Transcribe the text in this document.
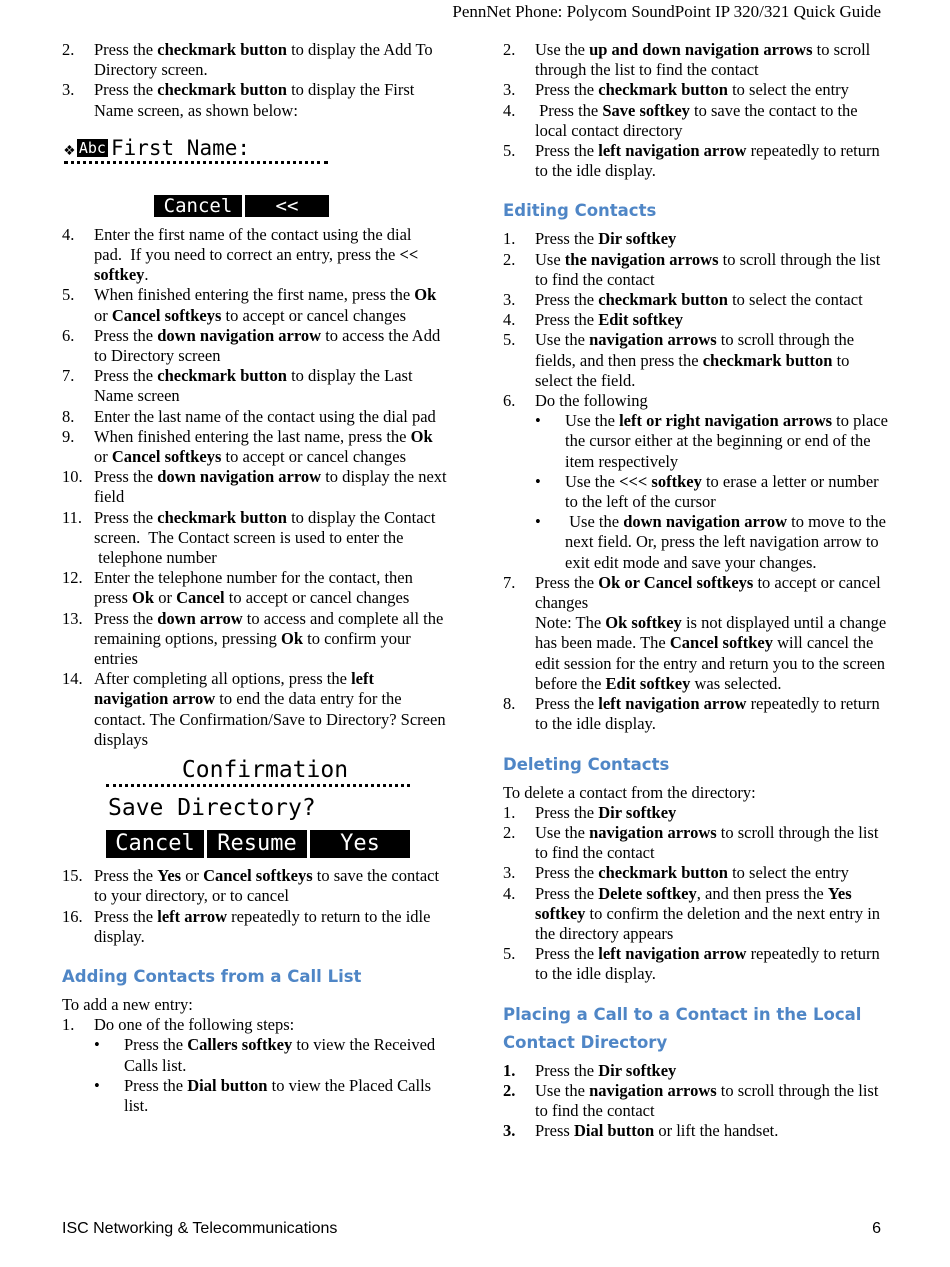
PennNet Phone: Polycom SoundPoint IP 320/321 Quick Guide
2. Press the checkmark button to display the Add To Directory screen.
3. Press the checkmark button to display the First Name screen, as shown below:
❖ Abc First Name:
Cancel <<
4. Enter the first name of the contact using the dial pad.  If you need to correct an entry, press the << softkey.
5. When finished entering the first name, press the Ok or Cancel softkeys to accept or cancel changes
6. Press the down navigation arrow to access the Add to Directory screen
7. Press the checkmark button to display the Last Name screen
8. Enter the last name of the contact using the dial pad
9. When finished entering the last name, press the Ok or Cancel softkeys to accept or cancel changes
10. Press the down navigation arrow to display the next field
11. Press the checkmark button to display the Contact screen.  The Contact screen is used to enter the  telephone number
12. Enter the telephone number for the contact, then press Ok or Cancel to accept or cancel changes
13. Press the down arrow to access and complete all the remaining options, pressing Ok to confirm your entries
14. After completing all options, press the left navigation arrow to end the data entry for the contact. The Confirmation/Save to Directory? Screen displays
Confirmation
Save Directory?
Cancel Resume Yes
15. Press the Yes or Cancel softkeys to save the contact to your directory, or to cancel
16. Press the left arrow repeatedly to return to the idle display.
Adding Contacts from a Call List
To add a new entry:
1. Do one of the following steps:
• Press the Callers softkey to view the Received Calls list.
• Press the Dial button to view the Placed Calls list.
2. Use the up and down navigation arrows to scroll through the list to find the contact
3. Press the checkmark button to select the entry
4. Press the Save softkey to save the contact to the local contact directory
5. Press the left navigation arrow repeatedly to return to the idle display.
Editing Contacts
1. Press the Dir softkey
2. Use the navigation arrows to scroll through the list to find the contact
3. Press the checkmark button to select the contact
4. Press the Edit softkey
5. Use the navigation arrows to scroll through the fields, and then press the checkmark button to select the field.
6. Do the following
• Use the left or right navigation arrows to place the cursor either at the beginning or end of the item respectively
• Use the <<< softkey to erase a letter or number to the left of the cursor
• Use the down navigation arrow to move to the next field. Or, press the left navigation arrow to exit edit mode and save your changes.
7. Press the Ok or Cancel softkeys to accept or cancel changes
Note: The Ok softkey is not displayed until a change has been made. The Cancel softkey will cancel the edit session for the entry and return you to the screen before the Edit softkey was selected.
8. Press the left navigation arrow repeatedly to return to the idle display.
Deleting Contacts
To delete a contact from the directory:
1. Press the Dir softkey
2. Use the navigation arrows to scroll through the list to find the contact
3. Press the checkmark button to select the entry
4. Press the Delete softkey, and then press the Yes softkey to confirm the deletion and the next entry in the directory appears
5. Press the left navigation arrow repeatedly to return to the idle display.
Placing a Call to a Contact in the Local Contact Directory
1. Press the Dir softkey
2. Use the navigation arrows to scroll through the list to find the contact
3. Press Dial button or lift the handset.
ISC Networking & Telecommunications	6
